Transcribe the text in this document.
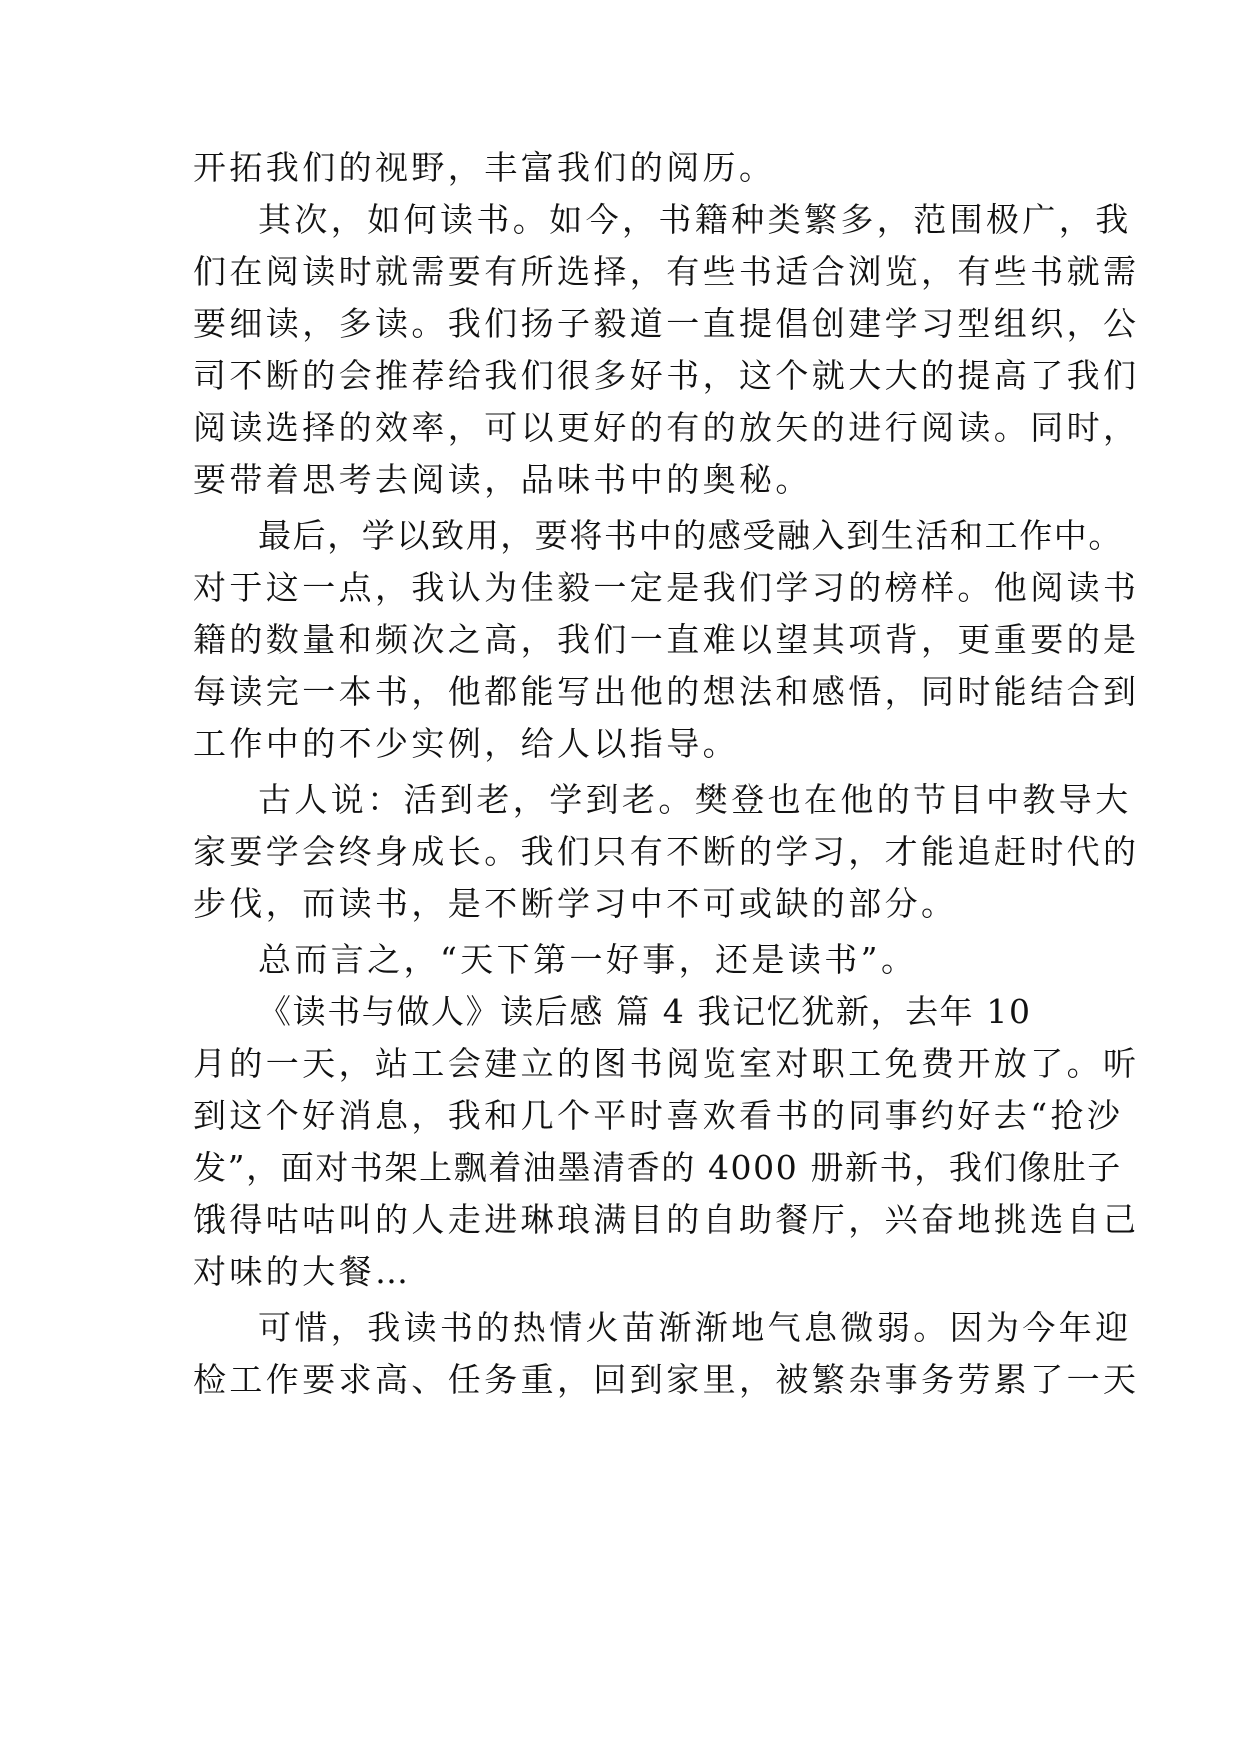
开拓我们的视野，丰富我们的阅历。
其次，如何读书。如今，书籍种类繁多，范围极广，我
们在阅读时就需要有所选择，有些书适合浏览，有些书就需
要细读，多读。我们扬子毅道一直提倡创建学习型组织，公
司不断的会推荐给我们很多好书，这个就大大的提高了我们
阅读选择的效率，可以更好的有的放矢的进行阅读。同时，
要带着思考去阅读，品味书中的奥秘。
最后，学以致用，要将书中的感受融入到生活和工作中。
对于这一点，我认为佳毅一定是我们学习的榜样。他阅读书
籍的数量和频次之高，我们一直难以望其项背，更重要的是
每读完一本书，他都能写出他的想法和感悟，同时能结合到
工作中的不少实例，给人以指导。
古人说：活到老，学到老。樊登也在他的节目中教导大
家要学会终身成长。我们只有不断的学习，才能追赶时代的
步伐，而读书，是不断学习中不可或缺的部分。
总而言之，“天下第一好事，还是读书”。
《读书与做人》读后感 篇 4 我记忆犹新，去年 10
月的一天，站工会建立的图书阅览室对职工免费开放了。听
到这个好消息，我和几个平时喜欢看书的同事约好去“抢沙
发”，面对书架上飘着油墨清香的 4000 册新书，我们像肚子
饿得咕咕叫的人走进琳琅满目的自助餐厅，兴奋地挑选自己
对味的大餐…
可惜，我读书的热情火苗渐渐地气息微弱。因为今年迎
检工作要求高、任务重，回到家里，被繁杂事务劳累了一天
